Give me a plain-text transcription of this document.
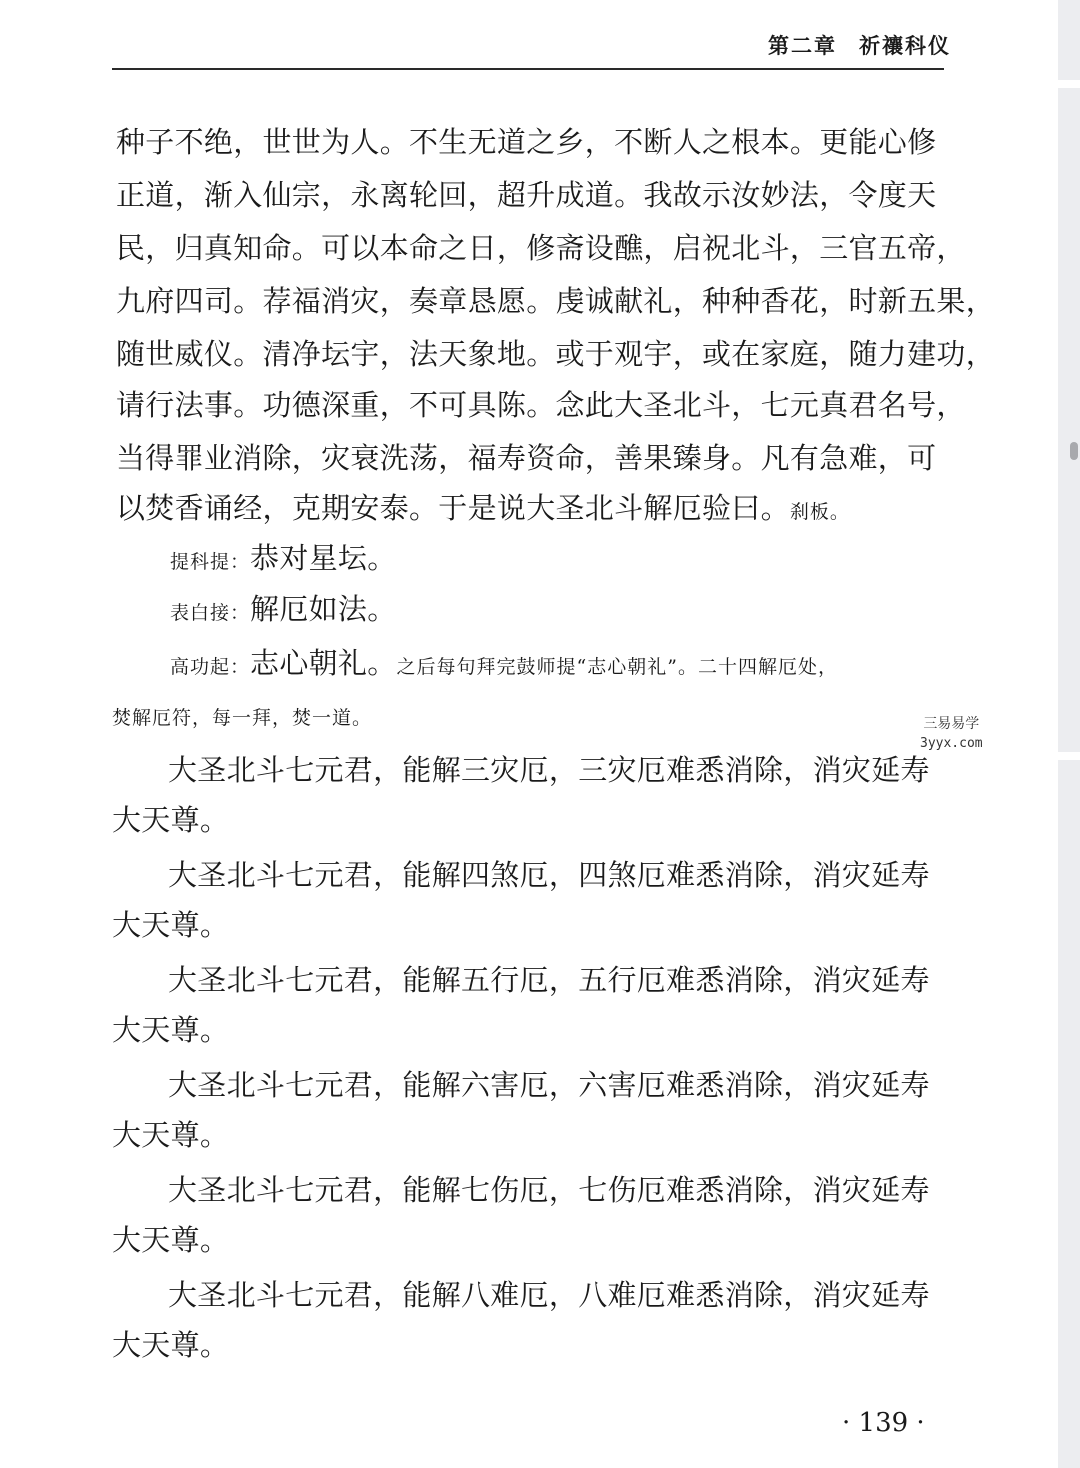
第二章 祈禳科仪
种子不绝，世世为人。不生无道之乡，不断人之根本。更能心修
正道，渐入仙宗，永离轮回，超升成道。我故示汝妙法，令度天
民，归真知命。可以本命之日，修斋设醮，启祝北斗，三官五帝，
九府四司。荐福消灾，奏章恳愿。虔诚献礼，种种香花，时新五果，
随世威仪。清净坛宇，法天象地。或于观宇，或在家庭，随力建功，
请行法事。功德深重，不可具陈。念此大圣北斗，七元真君名号，
当得罪业消除，灾衰洗荡，福寿资命，善果臻身。凡有急难，可
以焚香诵经，克期安泰。于是说大圣北斗解厄验曰。刹板。
提科提：恭对星坛。
表白接：解厄如法。
高功起：志心朝礼。之后每句拜完鼓师提“志心朝礼”。二十四解厄处，
焚解厄符，每一拜，焚一道。	三易易学
3yyx.com
大圣北斗七元君，能解三灾厄，三灾厄难悉消除，消灾延寿
大天尊。
大圣北斗七元君，能解四煞厄，四煞厄难悉消除，消灾延寿
大天尊。
大圣北斗七元君，能解五行厄，五行厄难悉消除，消灾延寿
大天尊。
大圣北斗七元君，能解六害厄，六害厄难悉消除，消灾延寿
大天尊。
大圣北斗七元君，能解七伤厄，七伤厄难悉消除，消灾延寿
大天尊。
大圣北斗七元君，能解八难厄，八难厄难悉消除，消灾延寿
大天尊。
· 139 ·
